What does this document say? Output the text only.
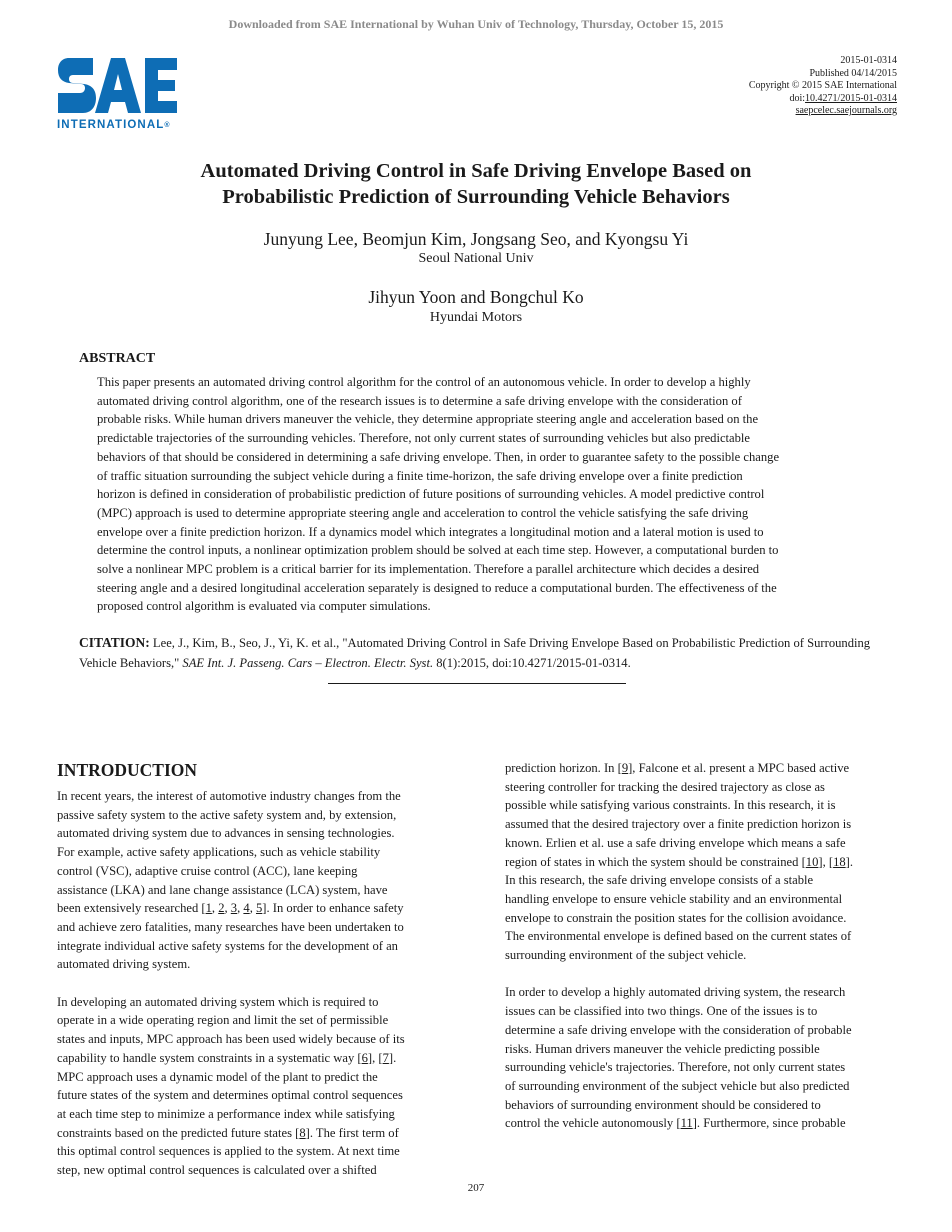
Downloaded from SAE International by Wuhan Univ of Technology, Thursday, October 15, 2015
INTERNATIONAL®
2015-01-0314
Published 04/14/2015
Copyright © 2015 SAE International
doi:10.4271/2015-01-0314
saepcelec.saejournals.org
Automated Driving Control in Safe Driving Envelope Based on
Probabilistic Prediction of Surrounding Vehicle Behaviors
Junyung Lee, Beomjun Kim, Jongsang Seo, and Kyongsu Yi
Seoul National Univ
Jihyun Yoon and Bongchul Ko
Hyundai Motors
ABSTRACT
This paper presents an automated driving control algorithm for the control of an autonomous vehicle. In order to develop a highly
automated driving control algorithm, one of the research issues is to determine a safe driving envelope with the consideration of
probable risks. While human drivers maneuver the vehicle, they determine appropriate steering angle and acceleration based on the
predictable trajectories of the surrounding vehicles. Therefore, not only current states of surrounding vehicles but also predictable
behaviors of that should be considered in determining a safe driving envelope. Then, in order to guarantee safety to the possible change
of traffic situation surrounding the subject vehicle during a finite time-horizon, the safe driving envelope over a finite prediction
horizon is defined in consideration of probabilistic prediction of future positions of surrounding vehicles. A model predictive control
(MPC) approach is used to determine appropriate steering angle and acceleration to control the vehicle satisfying the safe driving
envelope over a finite prediction horizon. If a dynamics model which integrates a longitudinal motion and a lateral motion is used to
determine the control inputs, a nonlinear optimization problem should be solved at each time step. However, a computational burden to
solve a nonlinear MPC problem is a critical barrier for its implementation. Therefore a parallel architecture which decides a desired
steering angle and a desired longitudinal acceleration separately is designed to reduce a computational burden. The effectiveness of the
proposed control algorithm is evaluated via computer simulations.
CITATION: Lee, J., Kim, B., Seo, J., Yi, K. et al., "Automated Driving Control in Safe Driving Envelope Based on Probabilistic Prediction of Surrounding Vehicle Behaviors," SAE Int. J. Passeng. Cars – Electron. Electr. Syst. 8(1):2015, doi:10.4271/2015-01-0314.
INTRODUCTION

In recent years, the interest of automotive industry changes from the
passive safety system to the active safety system and, by extension,
automated driving system due to advances in sensing technologies.
For example, active safety applications, such as vehicle stability
control (VSC), adaptive cruise control (ACC), lane keeping
assistance (LKA) and lane change assistance (LCA) system, have
been extensively researched [1, 2, 3, 4, 5]. In order to enhance safety
and achieve zero fatalities, many researches have been undertaken to
integrate individual active safety systems for the development of an
automated driving system.

In developing an automated driving system which is required to
operate in a wide operating region and limit the set of permissible
states and inputs, MPC approach has been used widely because of its
capability to handle system constraints in a systematic way [6], [7].
MPC approach uses a dynamic model of the plant to predict the
future states of the system and determines optimal control sequences
at each time step to minimize a performance index while satisfying
constraints based on the predicted future states [8]. The first term of
this optimal control sequences is applied to the system. At next time
step, new optimal control sequences is calculated over a shifted

prediction horizon. In [9], Falcone et al. present a MPC based active
steering controller for tracking the desired trajectory as close as
possible while satisfying various constraints. In this research, it is
assumed that the desired trajectory over a finite prediction horizon is
known. Erlien et al. use a safe driving envelope which means a safe
region of states in which the system should be constrained [10], [18].
In this research, the safe driving envelope consists of a stable
handling envelope to ensure vehicle stability and an environmental
envelope to constrain the position states for the collision avoidance.
The environmental envelope is defined based on the current states of
surrounding environment of the subject vehicle.

In order to develop a highly automated driving system, the research
issues can be classified into two things. One of the issues is to
determine a safe driving envelope with the consideration of probable
risks. Human drivers maneuver the vehicle predicting possible
surrounding vehicle's trajectories. Therefore, not only current states
of surrounding environment of the subject vehicle but also predicted
behaviors of surrounding environment should be considered to
control the vehicle autonomously [11]. Furthermore, since probable

207
